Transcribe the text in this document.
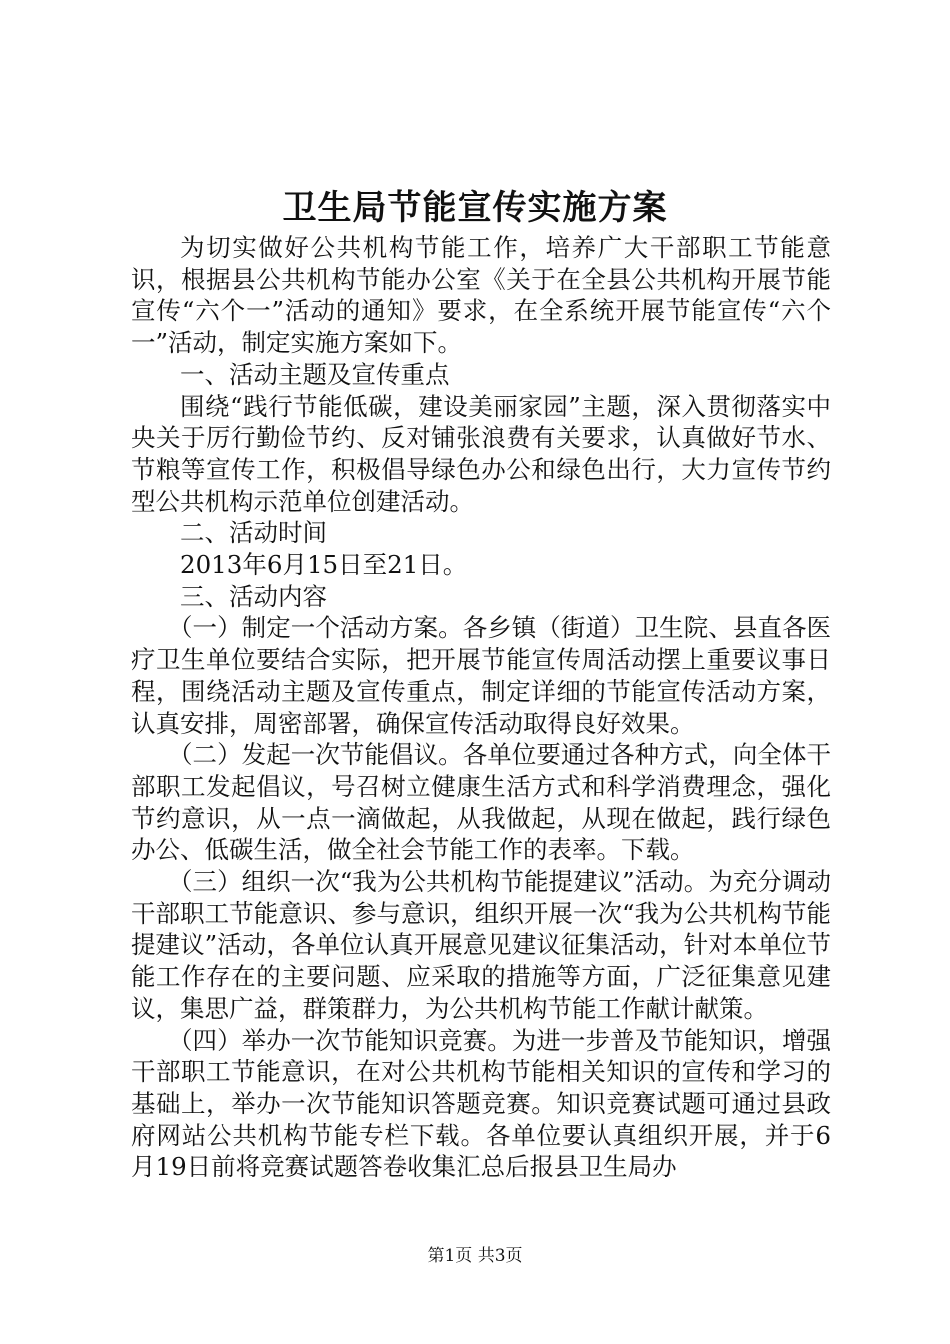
卫生局节能宣传实施方案

为切实做好公共机构节能工作，培养广大干部职工节能意识，根据县公共机构节能办公室《关于在全县公共机构开展节能宣传“六个一”活动的通知》要求，在全系统开展节能宣传“六个一”活动，制定实施方案如下。

一、活动主题及宣传重点

围绕“践行节能低碳，建设美丽家园”主题，深入贯彻落实中央关于厉行勤俭节约、反对铺张浪费有关要求，认真做好节水、节粮等宣传工作，积极倡导绿色办公和绿色出行，大力宣传节约型公共机构示范单位创建活动。

二、活动时间

2013年6月15日至21日。

三、活动内容

（一）制定一个活动方案。各乡镇（街道）卫生院、县直各医疗卫生单位要结合实际，把开展节能宣传周活动摆上重要议事日程，围绕活动主题及宣传重点，制定详细的节能宣传活动方案，认真安排，周密部署，确保宣传活动取得良好效果。

（二）发起一次节能倡议。各单位要通过各种方式，向全体干部职工发起倡议，号召树立健康生活方式和科学消费理念，强化节约意识，从一点一滴做起，从我做起，从现在做起，践行绿色办公、低碳生活，做全社会节能工作的表率。下载。

（三）组织一次“我为公共机构节能提建议”活动。为充分调动干部职工节能意识、参与意识，组织开展一次“我为公共机构节能提建议”活动，各单位认真开展意见建议征集活动，针对本单位节能工作存在的主要问题、应采取的措施等方面，广泛征集意见建议，集思广益，群策群力，为公共机构节能工作献计献策。

（四）举办一次节能知识竞赛。为进一步普及节能知识，增强干部职工节能意识，在对公共机构节能相关知识的宣传和学习的基础上，举办一次节能知识答题竞赛。知识竞赛试题可通过县政府网站公共机构节能专栏下载。各单位要认真组织开展，并于6月19日前将竞赛试题答卷收集汇总后报县卫生局办

第1页 共3页
